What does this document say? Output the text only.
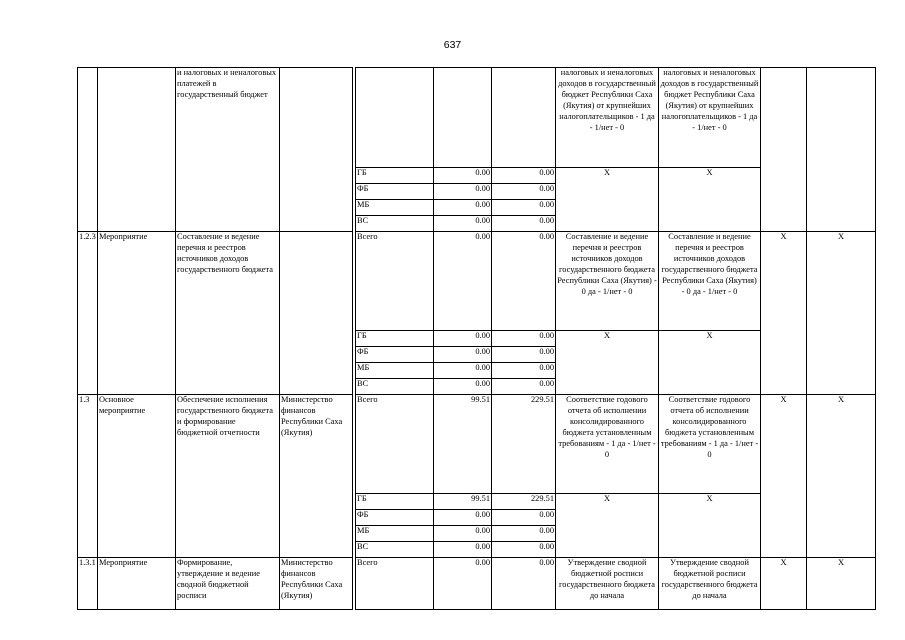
637
		и налоговых и неналоговых платежей в государственный бюджет						налоговых и неналоговых доходов в государственный бюджет Республики Саха (Якутия) от крупнейших налогоплательщиков - 1 да - 1/нет - 0	налоговых и неналоговых доходов в государственный бюджет Республики Саха (Якутия) от крупнейших налогоплательщиков - 1 да - 1/нет - 0		
					ГБ	0.00	0.00	X	X		
					ФБ	0.00	0.00				
					МБ	0.00	0.00				
					ВС	0.00	0.00				
1.2.3	Мероприятие	Составление и ведение перечня и реестров источников доходов государственного бюджета			Всего	0.00	0.00	Составление и ведение перечня и реестров источников доходов государственного бюджета Республики Саха (Якутия) - 0 да - 1/нет - 0	Составление и ведение перечня и реестров источников доходов государственного бюджета Республики Саха (Якутия) - 0 да - 1/нет - 0	X	X
					ГБ	0.00	0.00	X	X		
					ФБ	0.00	0.00				
					МБ	0.00	0.00				
					ВС	0.00	0.00				
1.3	Основное мероприятие	Обеспечение исполнения государственного бюджета и формирование бюджетной отчетности	Министерство финансов Республики Саха (Якутия)		Всего	99.51	229.51	Соответствие годового отчета об исполнении консолидированного бюджета установленным требованиям - 1 да - 1/нет - 0	Соответствие годового отчета об исполнении консолидированного бюджета установленным требованиям - 1 да - 1/нет - 0	X	X
					ГБ	99.51	229.51	X	X		
					ФБ	0.00	0.00				
					МБ	0.00	0.00				
					ВС	0.00	0.00				
1.3.1	Мероприятие	Формирование, утверждение и ведение сводной бюджетной росписи	Министерство финансов Республики Саха (Якутия)		Всего	0.00	0.00	Утверждение сводной бюджетной росписи государственного бюджета до начала	Утверждение сводной бюджетной росписи государственного бюджета до начала	X	X
